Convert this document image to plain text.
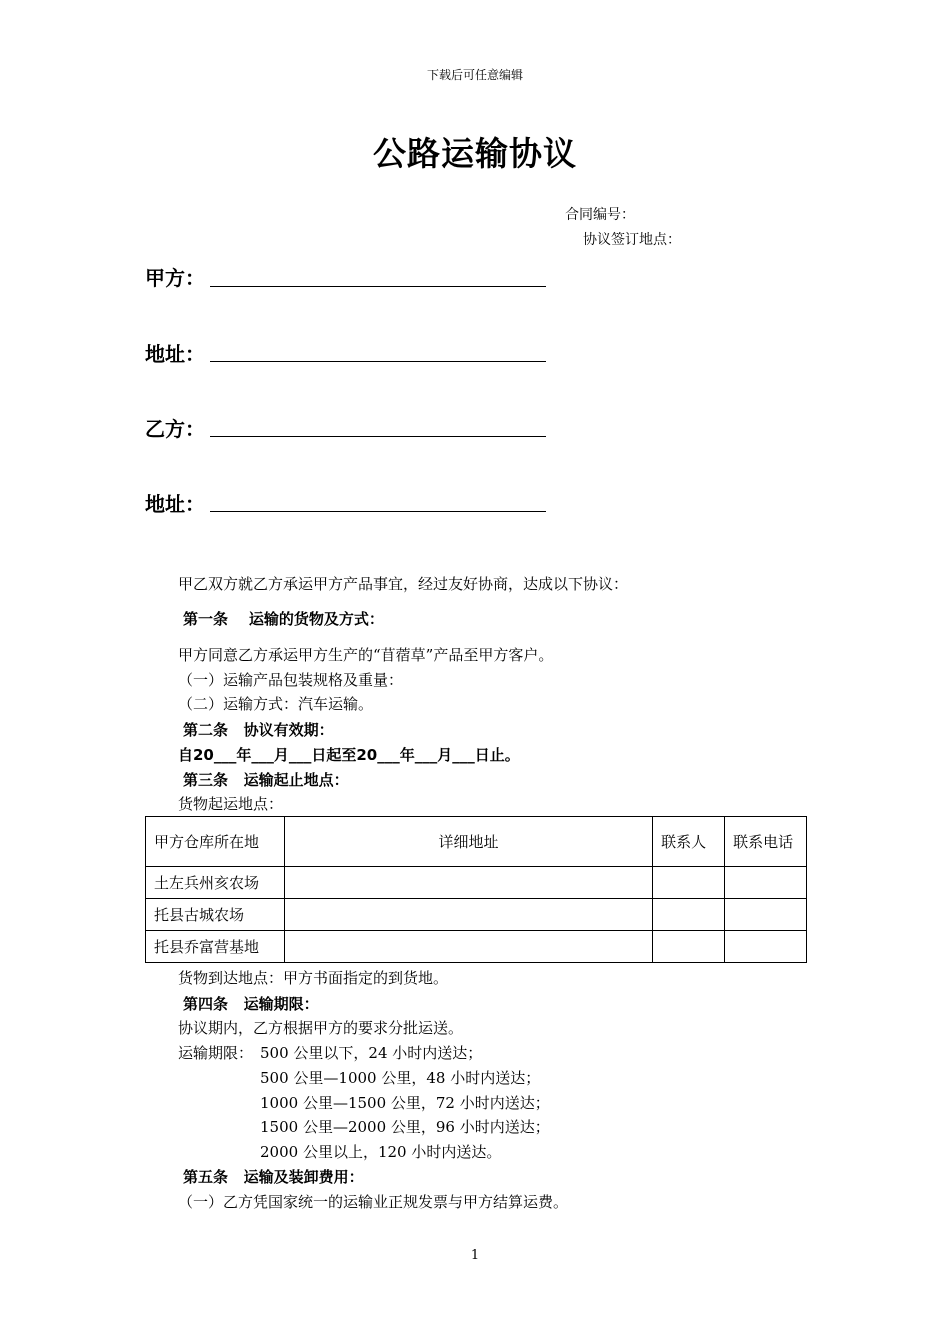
下载后可任意编辑
公路运输协议
合同编号：
协议签订地点：
甲方：
地址：
乙方：
地址：
甲乙双方就乙方承运甲方产品事宜，经过友好协商，达成以下协议：
第一条    运输的货物及方式：
甲方同意乙方承运甲方生产的“苜蓿草”产品至甲方客户。
（一）运输产品包装规格及重量：
（二）运输方式：汽车运输。
第二条   协议有效期：
自20___年___月___日起至20___年___月___日止。
第三条   运输起止地点：
货物起运地点：
甲方仓库所在地	详细地址	联系人	联系电话
土左兵州亥农场			
托县古城农场			
托县乔富营基地			
货物到达地点：甲方书面指定的到货地。
第四条   运输期限：
协议期内，乙方根据甲方的要求分批运送。
运输期限： 500 公里以下，24 小时内送达；
500 公里—1000 公里，48 小时内送达；
1000 公里—1500 公里，72 小时内送达；
1500 公里—2000 公里，96 小时内送达；
2000 公里以上，120 小时内送达。
第五条   运输及装卸费用：
（一）乙方凭国家统一的运输业正规发票与甲方结算运费。
1
